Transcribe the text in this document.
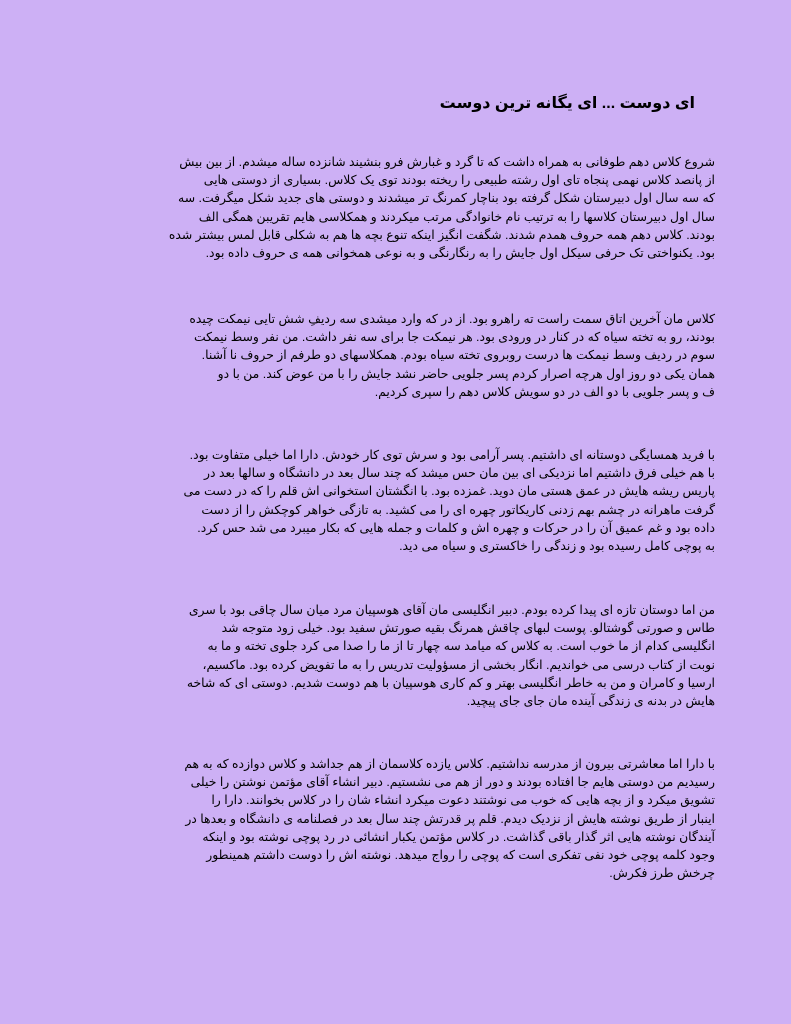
ای دوست ... ای یگانه ترین دوست

شروع کلاس دهم طوفانی به همراه داشت که تا گرد و غبارش فرو بنشیند شانزده ساله میشدم. از بین بیش
از پانصد کلاس نهمی پنجاه تای اول رشته طبیعی را ریخته بودند توی یک کلاس. بسیاری از دوستی هایی
که سه سال اول دبیرستان شکل گرفته بود بناچار کمرنگ تر میشدند و دوستی های جدید شکل میگرفت. سه
سال اول دبیرستان کلاسها را به ترتیب نام خانوادگی مرتب میکردند و همکلاسی هایم تقریبن همگی الف
بودند. کلاس دهم همه حروف همدم شدند. شگفت انگیز اینکه تنوع بچه ها هم به شکلی قابل لمس بیشتر شده
بود. یکنواختی تک حرفی سیکل اول جایش را به رنگارنگی و به نوعی همخوانی همه ی حروف داده بود.

کلاس مان آخرین اتاق سمت راست ته راهرو بود. از در که وارد میشدی سه ردیفِ شش تایی نیمکت چیده
بودند، رو به تخته سیاه که در کنار در ورودی بود. هر نیمکت جا برای سه نفر داشت. من نفر وسط نیمکت
سوم در ردیف وسط نیمکت ها درست روبروی تخته سیاه بودم. همکلاسهای دو طرفم از حروف نا آشنا.
همان یکی دو روز اول هرچه اصرار کردم پسر جلویی حاضر نشد جایش را با من عوض کند. من با دو
ف و پسر جلویی با دو الف در دو سویش کلاس دهم را سپری کردیم.

با فرید همسایگی دوستانه ای داشتیم. پسر آرامی بود و سرش توی کار خودش. دارا اما خیلی متفاوت بود.
با هم خیلی فرق داشتیم اما نزدیکی ای بین مان حس میشد که چند سال بعد در دانشگاه و سالها بعد در
پاریس ریشه هایش در عمق هستی مان دوید. غمزده بود. با انگشتان استخوانی اش قلم را که در دست می
گرفت ماهرانه در چشم بهم زدنی کاریکاتور چهره ای را می کشید. به تازگی خواهر کوچکش را از دست
داده بود و غم عمیق آن را در حرکات و چهره اش و کلمات و جمله هایی که بکار میبرد می شد حس کرد.
به پوچی کامل رسیده بود و زندگی را خاکستری و سیاه می دید.

من اما دوستان تازه ای پیدا کرده بودم. دبیر انگلیسی مان آقای هوسپیان مرد میان سال چاقی بود با سری
طاس و صورتی گوشتالو. پوست لبهای چاقش همرنگ بقیه صورتش سفید بود. خیلی زود متوجه شد
انگلیسی کدام از ما خوب است. به کلاس که میامد سه چهار تا از ما را صدا می کرد جلوی تخته و ما به
نوبت از کتاب درسی می خواندیم. انگار بخشی از مسؤولیت تدریس را به ما تفویض کرده بود. ماکسیم،
ارسیا و کامران و من به خاطر انگلیسی بهتر و کم کاری هوسپیان با هم دوست شدیم. دوستی ای که شاخه
هایش در بدنه ی زندگی آینده مان جای جای پیچید.

با دارا اما معاشرتی بیرون از مدرسه نداشتیم. کلاس یازده کلاسمان از هم جداشد و کلاس دوازده که به هم
رسیدیم من دوستی هایم جا افتاده بودند و دور از هم می نشستیم. دبیر انشاء آقای مؤتمن نوشتن را خیلی
تشویق میکرد و از بچه هایی که خوب می نوشتند دعوت میکرد انشاء شان را در کلاس بخوانند. دارا را
اینبار از طریق نوشته هایش از نزدیک دیدم. قلم پر قدرتش چند سال بعد در فصلنامه ی دانشگاه و بعدها در
آیندگان نوشته هایی اثر گذار باقی گذاشت. در کلاس مؤتمن یکبار انشائی در رد پوچی نوشته بود و اینکه
وجود کلمه پوچی خود نفی تفکری است که پوچی را رواج میدهد. نوشته اش را دوست داشتم همینطور
چرخش طرز فکرش.
